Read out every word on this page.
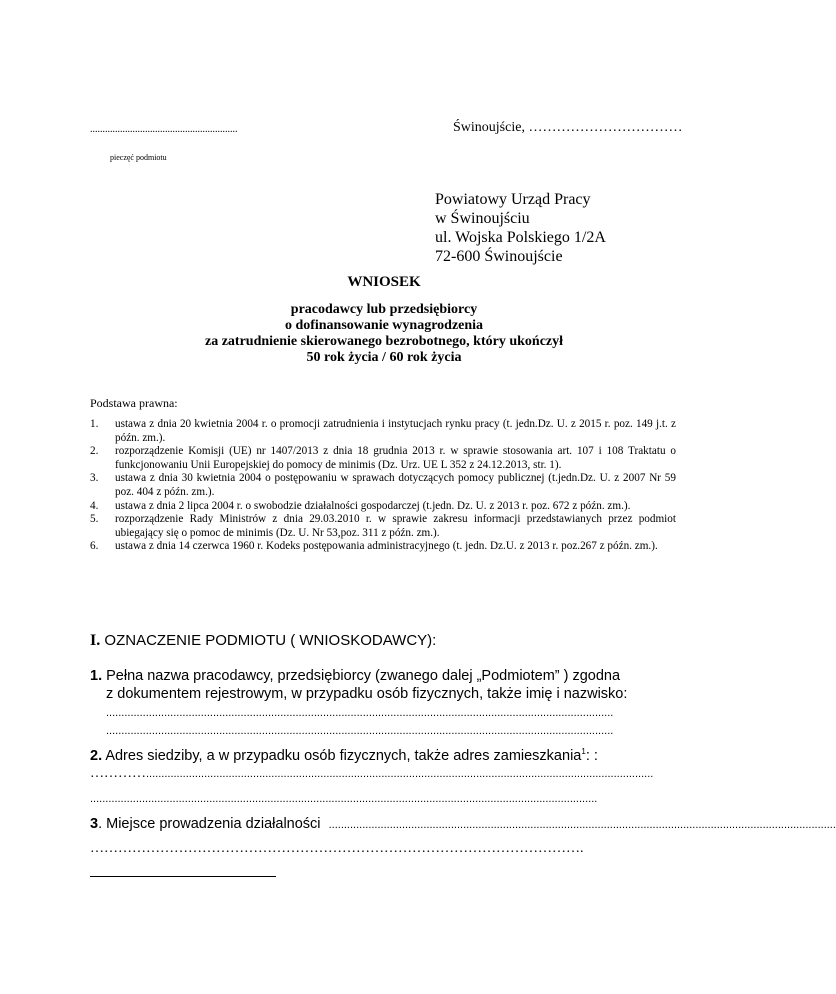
...........................................................	Świnoujście, ……………………………
pieczęć podmiotu
Powiatowy Urząd Pracy
w Świnoujściu
ul. Wojska Polskiego 1/2A
72-600 Świnoujście
WNIOSEK
pracodawcy lub przedsiębiorcy
o dofinansowanie wynagrodzenia
za zatrudnienie skierowanego bezrobotnego, który ukończył
50 rok życia / 60 rok życia
Podstawa prawna:
1. ustawa z dnia 20 kwietnia 2004 r. o promocji zatrudnienia i instytucjach rynku pracy (t. jedn.Dz. U. z 2015 r. poz. 149 j.t. z późn. zm.).
2. rozporządzenie Komisji (UE) nr 1407/2013 z dnia 18 grudnia 2013 r. w sprawie stosowania art. 107 i 108 Traktatu o funkcjonowaniu Unii Europejskiej do pomocy de minimis (Dz. Urz. UE L 352 z 24.12.2013, str. 1).
3. ustawa z dnia 30 kwietnia 2004 o postępowaniu w sprawach dotyczących pomocy publicznej (t.jedn.Dz. U. z 2007 Nr 59 poz. 404 z późn. zm.).
4. ustawa z dnia 2 lipca 2004 r. o swobodzie działalności gospodarczej (t.jedn. Dz. U. z 2013 r. poz. 672 z późn. zm.).
5. rozporządzenie Rady Ministrów z dnia 29.03.2010 r. w sprawie zakresu informacji przedstawianych przez podmiot ubiegający się o pomoc de minimis (Dz. U. Nr 53,poz. 311 z późn. zm.).
6. ustawa z dnia 14 czerwca 1960 r. Kodeks postępowania administracyjnego (t. jedn. Dz.U. z 2013 r. poz.267 z późn. zm.).
I. OZNACZENIE PODMIOTU ( WNIOSKODAWCY):
1. Pełna nazwa pracodawcy, przedsiębiorcy (zwanego dalej „Podmiotem” ) zgodna
z dokumentem rejestrowym, w przypadku osób fizycznych, także imię i nazwisko:
......................................................................................................................................................................
......................................................................................................................................................................
2. Adres siedziby, a w przypadku osób fizycznych, także adres zamieszkania$^1$: :
…………......................................................................................................................................................................
......................................................................................................................................................................
3. Miejsce prowadzenia działalności ......................................................................................................................................................................
…………………………………………………………………………………………….
